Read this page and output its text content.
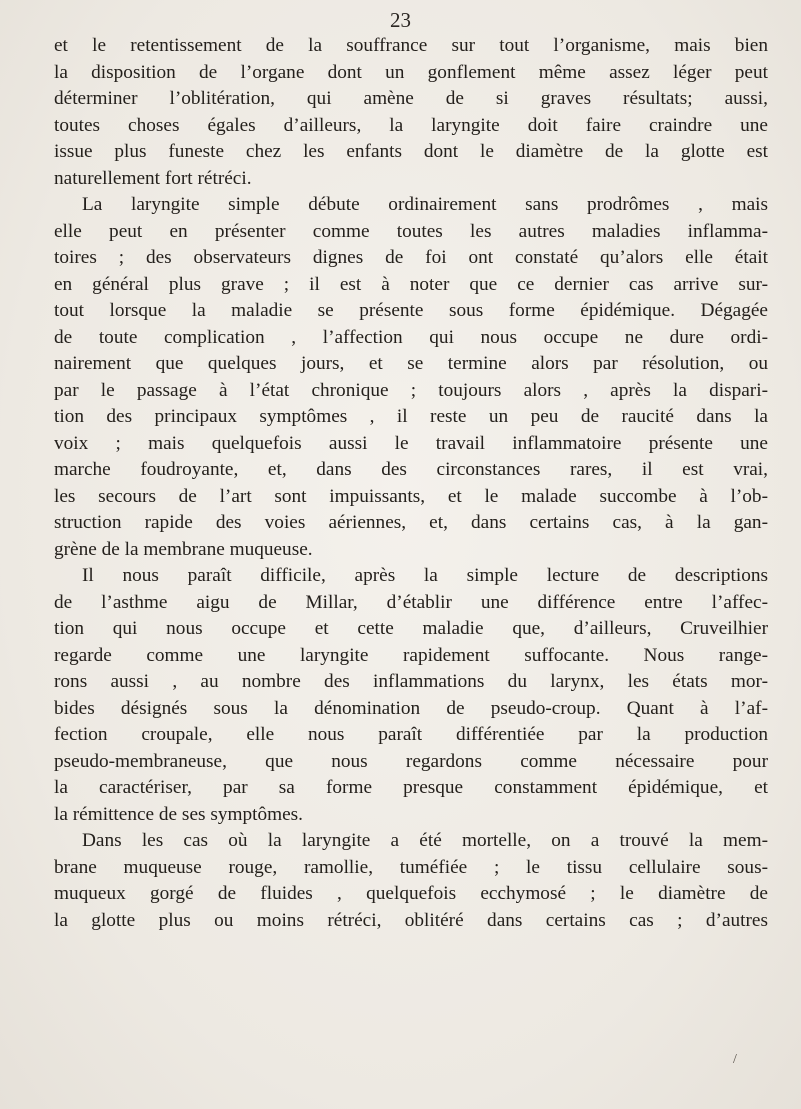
23

et le retentissement de la souffrance sur tout l’organisme, mais bien
la disposition de l’organe dont un gonflement même assez léger peut
déterminer l’oblitération, qui amène de si graves résultats; aussi,
toutes choses égales d’ailleurs, la laryngite doit faire craindre une
issue plus funeste chez les enfants dont le diamètre de la glotte est
naturellement fort rétréci.

La laryngite simple débute ordinairement sans prodrômes , mais
elle peut en présenter comme toutes les autres maladies inflamma-
toires ; des observateurs dignes de foi ont constaté qu’alors elle était
en général plus grave ; il est à noter que ce dernier cas arrive sur-
tout lorsque la maladie se présente sous forme épidémique. Dégagée
de toute complication , l’affection qui nous occupe ne dure ordi-
nairement que quelques jours, et se termine alors par résolution, ou
par le passage à l’état chronique ; toujours alors , après la dispari-
tion des principaux symptômes , il reste un peu de raucité dans la
voix ; mais quelquefois aussi le travail inflammatoire présente une
marche foudroyante, et, dans des circonstances rares, il est vrai,
les secours de l’art sont impuissants, et le malade succombe à l’ob-
struction rapide des voies aériennes, et, dans certains cas, à la gan-
grène de la membrane muqueuse.

Il nous paraît difficile, après la simple lecture de descriptions
de l’asthme aigu de Millar, d’établir une différence entre l’affec-
tion qui nous occupe et cette maladie que, d’ailleurs, Cruveilhier
regarde comme une laryngite rapidement suffocante. Nous range-
rons aussi , au nombre des inflammations du larynx, les états mor-
bides désignés sous la dénomination de pseudo-croup. Quant à l’af-
fection croupale, elle nous paraît différentiée par la production
pseudo-membraneuse, que nous regardons comme nécessaire pour
la caractériser, par sa forme presque constamment épidémique, et
la rémittence de ses symptômes.

Dans les cas où la laryngite a été mortelle, on a trouvé la mem-
brane muqueuse rouge, ramollie, tuméfiée ; le tissu cellulaire sous-
muqueux gorgé de fluides , quelquefois ecchymosé ; le diamètre de
la glotte plus ou moins rétréci, oblitéré dans certains cas ; d’autres

/
